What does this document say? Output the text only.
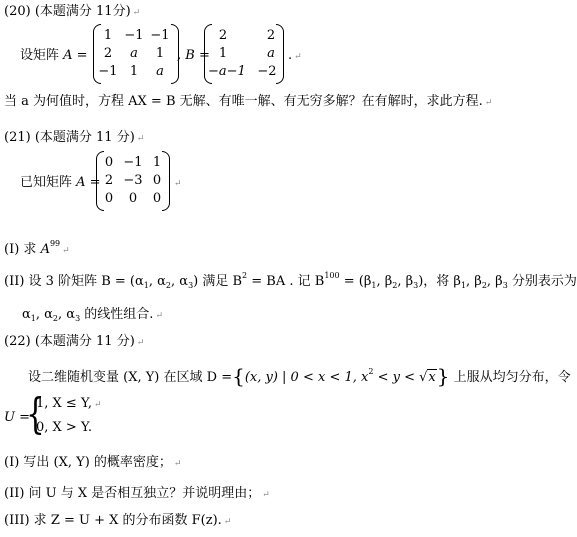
(20) (本题满分 11分) ↵
设矩阵 A =
1 −1 −1
2	a	1
−1 1	a
, B =
2	2
1	a
−a−1 −2
. ↵
当 a 为何值时，方程 AX = B 无解、有唯一解、有无穷多解？在有解时，求此方程. ↵
(21) (本题满分 11 分) ↵
已知矩阵 A =
0 −1 1
2 −3 0
0	0	0
↵
(Ⅰ) 求 $A^{99}↵$
(II) 设 3 阶矩阵 $B = (\alpha_1$, $\alpha_2$, $\alpha_3$) 满足 $B^2$ = BA . 记 $B^{100} = (\beta_1$, $\beta_2$, $\beta_3$)，将 $\beta_1$, $\beta_2$, $\beta_3$ 分别表示为
$\alpha_1$, $\alpha_2$, $\alpha_3$ 的线性组合. ↵
(22) (本题满分 11 分) ↵
设二维随机变量 (X, Y) 在区域 D ={(x, y) | 0 < x < 1, $x^2 < y < √x$} 上服从均匀分布，令
U =
{
1, X ≤ Y, ↵
0, X > Y.
(I) 写出 (X, Y) 的概率密度； ↵
(II) 问 U 与 X 是否相互独立？并说明理由； ↵
(III) 求 Z = U + X 的分布函数 F(z). ↵
